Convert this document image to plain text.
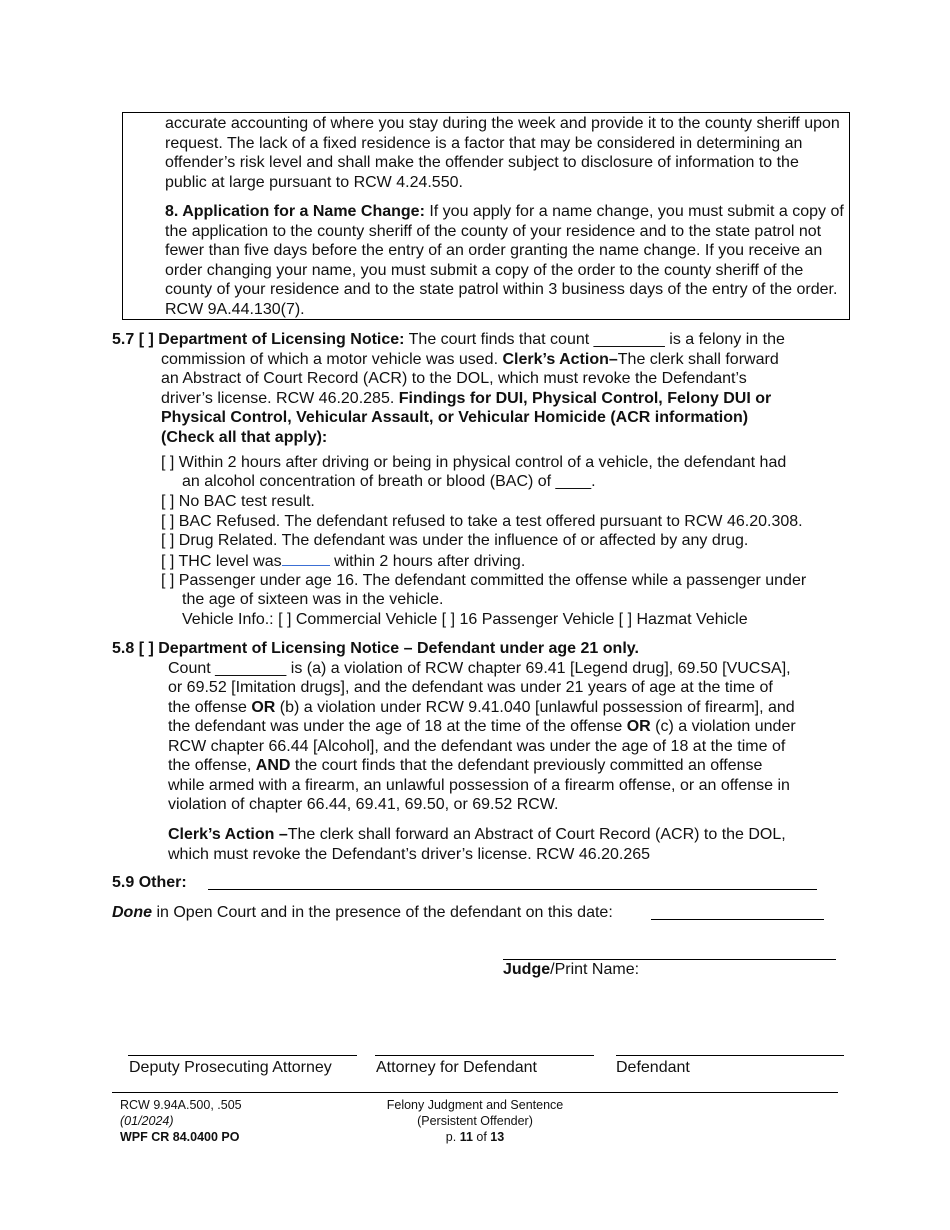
accurate accounting of where you stay during the week and provide it to the county sheriff upon request. The lack of a fixed residence is a factor that may be considered in determining an offender’s risk level and shall make the offender subject to disclosure of information to the public at large pursuant to RCW 4.24.550.

8. Application for a Name Change: If you apply for a name change, you must submit a copy of the application to the county sheriff of the county of your residence and to the state patrol not fewer than five days before the entry of an order granting the name change. If you receive an order changing your name, you must submit a copy of the order to the county sheriff of the county of your residence and to the state patrol within 3 business days of the entry of the order. RCW 9A.44.130(7).

5.7 [ ] Department of Licensing Notice: The court finds that count ________ is a felony in the
commission of which a motor vehicle was used. Clerk’s Action–The clerk shall forward
an Abstract of Court Record (ACR) to the DOL, which must revoke the Defendant’s
driver’s license. RCW 46.20.285. Findings for DUI, Physical Control, Felony DUI or
Physical Control, Vehicular Assault, or Vehicular Homicide (ACR information)
(Check all that apply):
[ ] Within 2 hours after driving or being in physical control of a vehicle, the defendant had
an alcohol concentration of breath or blood (BAC) of ____.
[ ] No BAC test result.
[ ] BAC Refused. The defendant refused to take a test offered pursuant to RCW 46.20.308.
[ ] Drug Related. The defendant was under the influence of or affected by any drug.
[ ] THC level was	within 2 hours after driving.
[ ] Passenger under age 16. The defendant committed the offense while a passenger under
the age of sixteen was in the vehicle.
Vehicle Info.: [ ] Commercial Vehicle [ ] 16 Passenger Vehicle [ ] Hazmat Vehicle
5.8 [ ] Department of Licensing Notice – Defendant under age 21 only.
Count ________ is (a) a violation of RCW chapter 69.41 [Legend drug], 69.50 [VUCSA],
or 69.52 [Imitation drugs], and the defendant was under 21 years of age at the time of
the offense OR (b) a violation under RCW 9.41.040 [unlawful possession of firearm], and
the defendant was under the age of 18 at the time of the offense OR (c) a violation under
RCW chapter 66.44 [Alcohol], and the defendant was under the age of 18 at the time of
the offense, AND the court finds that the defendant previously committed an offense
while armed with a firearm, an unlawful possession of a firearm offense, or an offense in
violation of chapter 66.44, 69.41, 69.50, or 69.52 RCW.
Clerk’s Action –The clerk shall forward an Abstract of Court Record (ACR) to the DOL,
which must revoke the Defendant’s driver’s license. RCW 46.20.265
5.9 Other:
Done in Open Court and in the presence of the defendant on this date:
Judge/Print Name:
Deputy Prosecuting Attorney	Attorney for Defendant	Defendant
RCW 9.94A.500, .505
(01/2024)
WPF CR 84.0400 PO
Felony Judgment and Sentence
(Persistent Offender)
p. 11 of 13
